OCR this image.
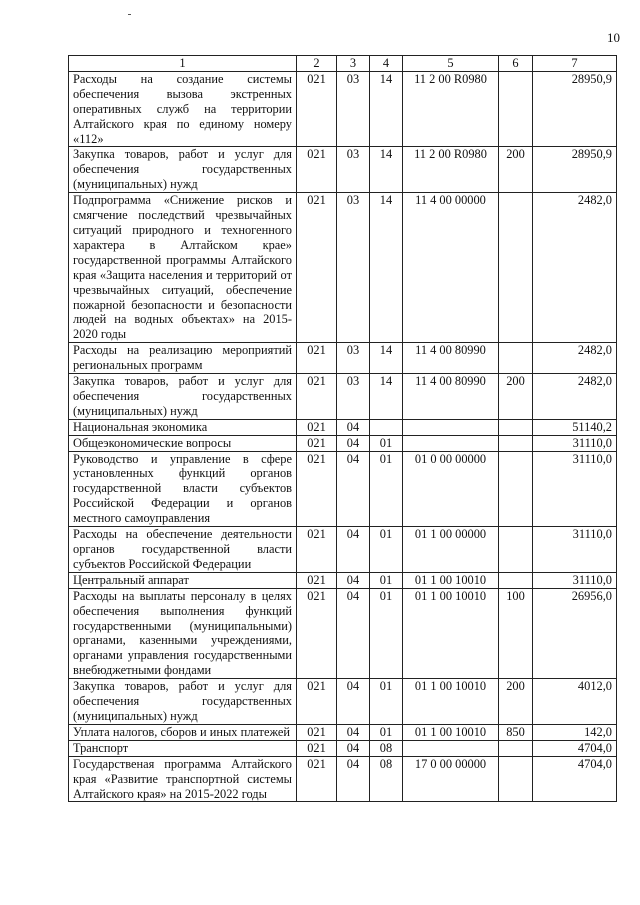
10
1	2	3	4	5	6	7
Расходы на создание системы обеспечения вызова экстренных оперативных служб на территории Алтайского края по единому номеру «112»	021	03	14	11 2 00 R0980		28950,9
Закупка товаров, работ и услуг для обеспечения государственных (муниципальных) нужд	021	03	14	11 2 00 R0980	200	28950,9
Подпрограмма «Снижение рисков и смягчение последствий чрезвычайных ситуаций природного и техногенного характера в Алтайском крае» государственной программы Алтайского края «Защита населения и территорий от чрезвычайных ситуаций, обеспечение пожарной безопасности и безопасности людей на водных объектах» на 2015-2020 годы	021	03	14	11 4 00 00000		2482,0
Расходы на реализацию мероприятий региональных программ	021	03	14	11 4 00 80990		2482,0
Закупка товаров, работ и услуг для обеспечения государственных (муниципальных) нужд	021	03	14	11 4 00 80990	200	2482,0
Национальная экономика	021	04				51140,2
Общеэкономические вопросы	021	04	01			31110,0
Руководство и управление в сфере установленных функций органов государственной власти субъектов Российской Федерации и органов местного самоуправления	021	04	01	01 0 00 00000		31110,0
Расходы на обеспечение деятельности органов государственной власти субъектов Российской Федерации	021	04	01	01 1 00 00000		31110,0
Центральный аппарат	021	04	01	01 1 00 10010		31110,0
Расходы на выплаты персоналу в целях обеспечения выполнения функций государственными (муниципальными) органами, казенными учреждениями, органами управления государственными внебюджетными фондами	021	04	01	01 1 00 10010	100	26956,0
Закупка товаров, работ и услуг для обеспечения государственных (муниципальных) нужд	021	04	01	01 1 00 10010	200	4012,0
Уплата налогов, сборов и иных платежей	021	04	01	01 1 00 10010	850	142,0
Транспорт	021	04	08			4704,0
Государственая программа Алтайского края «Развитие транспортной системы Алтайского края» на 2015-2022 годы	021	04	08	17 0 00 00000		4704,0
